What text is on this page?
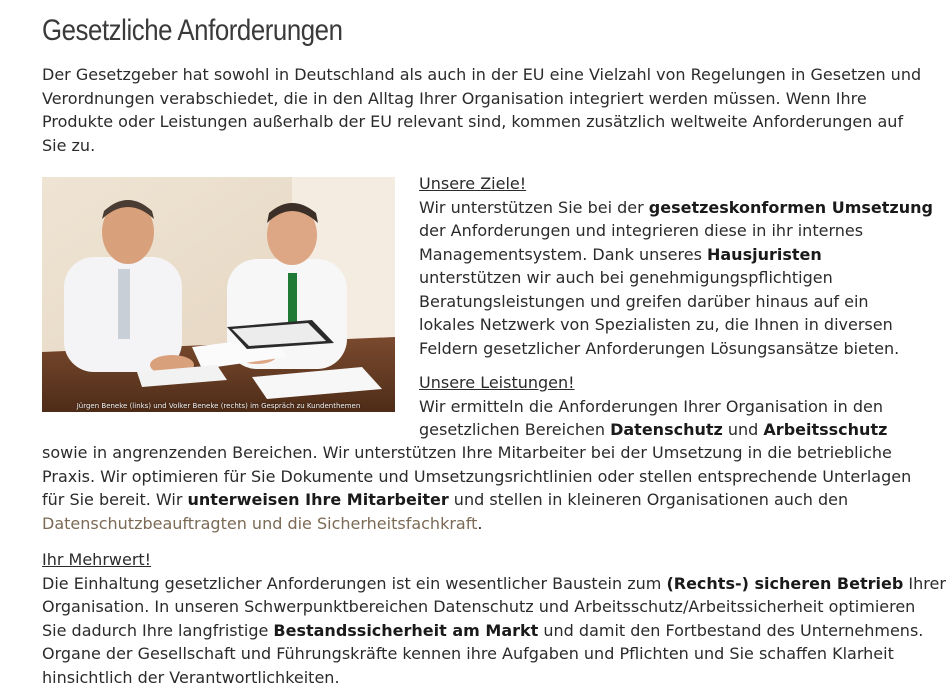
Gesetzliche Anforderungen
Der Gesetzgeber hat sowohl in Deutschland als auch in der EU eine Vielzahl von Regelungen in Gesetzen und
Verordnungen verabschiedet, die in den Alltag Ihrer Organisation integriert werden müssen. Wenn Ihre
Produkte oder Leistungen außerhalb der EU relevant sind, kommen zusätzlich weltweite Anforderungen auf
Sie zu.
Jürgen Beneke (links) und Volker Beneke (rechts) im Gespräch zu Kundenthemen
Unsere Ziele!
Wir unterstützen Sie bei der gesetzeskonformen Umsetzung
der Anforderungen und integrieren diese in ihr internes
Managementsystem. Dank unseres Hausjuristen
unterstützen wir auch bei genehmigungspflichtigen
Beratungsleistungen und greifen darüber hinaus auf ein
lokales Netzwerk von Spezialisten zu, die Ihnen in diversen
Feldern gesetzlicher Anforderungen Lösungsansätze bieten.
Unsere Leistungen!
Wir ermitteln die Anforderungen Ihrer Organisation in den
gesetzlichen Bereichen Datenschutz und Arbeitsschutz
sowie in angrenzenden Bereichen. Wir unterstützen Ihre Mitarbeiter bei der Umsetzung in die betriebliche
Praxis. Wir optimieren für Sie Dokumente und Umsetzungsrichtlinien oder stellen entsprechende Unterlagen
für Sie bereit. Wir unterweisen Ihre Mitarbeiter und stellen in kleineren Organisationen auch den
Datenschutzbeauftragten und die Sicherheitsfachkraft.
Ihr Mehrwert!
Die Einhaltung gesetzlicher Anforderungen ist ein wesentlicher Baustein zum (Rechts-) sicheren Betrieb Ihrer
Organisation. In unseren Schwerpunktbereichen Datenschutz und Arbeitsschutz/Arbeitssicherheit optimieren
Sie dadurch Ihre langfristige Bestandssicherheit am Markt und damit den Fortbestand des Unternehmens.
Organe der Gesellschaft und Führungskräfte kennen ihre Aufgaben und Pflichten und Sie schaffen Klarheit
hinsichtlich der Verantwortlichkeiten.
